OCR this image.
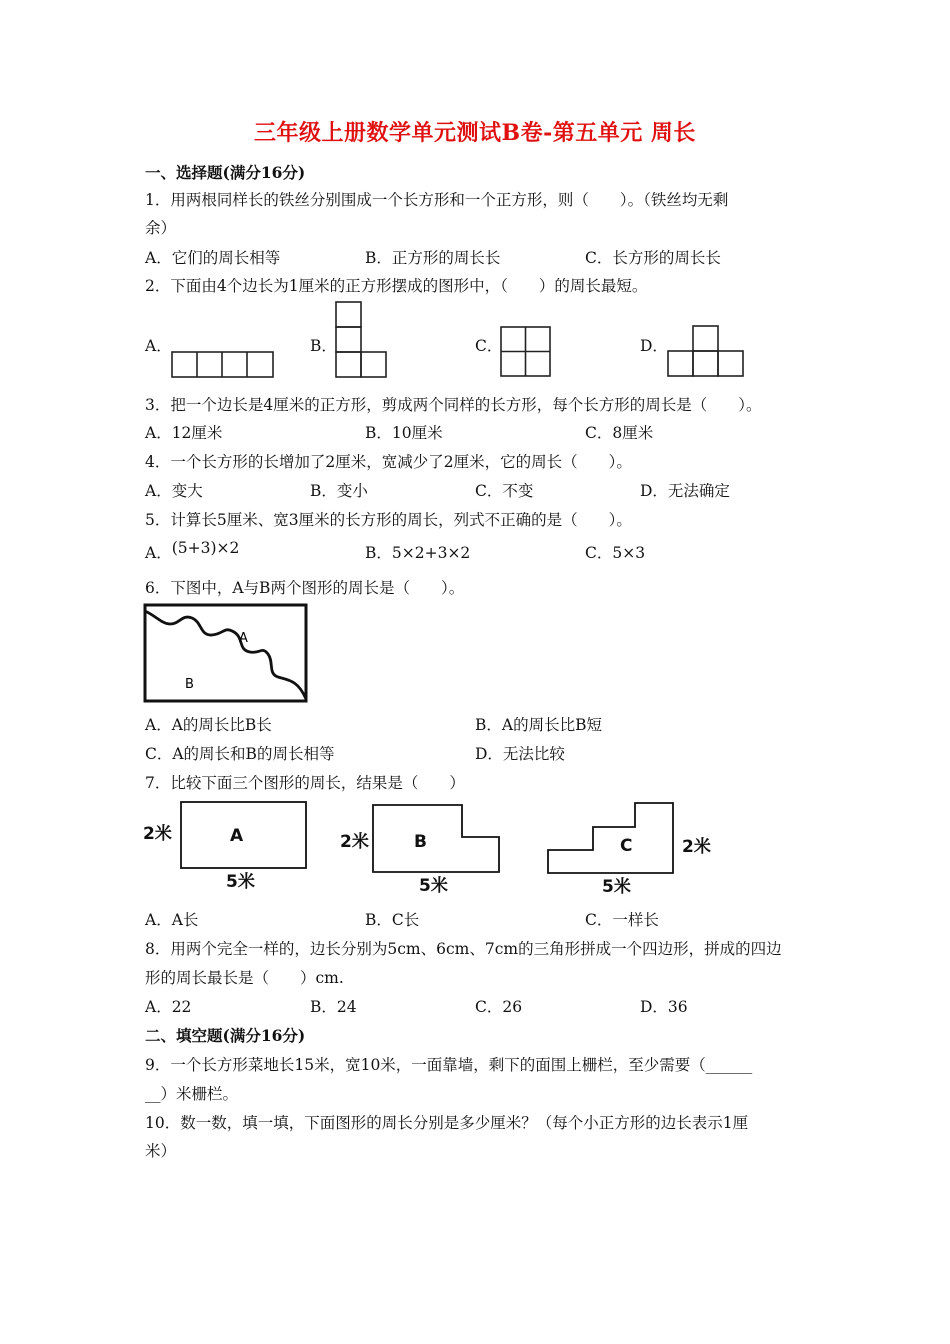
三年级上册数学单元测试B卷-第五单元 周长
一、选择题(满分16分)
1．用两根同样长的铁丝分别围成一个长方形和一个正方形，则（　　）。（铁丝均无剩
余）
A．它们的周长相等	B．正方形的周长长	C．长方形的周长长
2．下面由4个边长为1厘米的正方形摆成的图形中，（　　）的周长最短。
A．	B．	C．	D．
3．把一个边长是4厘米的正方形，剪成两个同样的长方形，每个长方形的周长是（　　）。
A．12厘米	B．10厘米	C．8厘米
4．一个长方形的长增加了2厘米，宽减少了2厘米，它的周长（　　）。
A．变大	B．变小	C．不变	D．无法确定
5．计算长5厘米、宽3厘米的长方形的周长，列式不正确的是（　　）。
A．(5+3)×2	B．5×2+3×2	C．5×3
6．下图中，A与B两个图形的周长是（　　）。
A
B
A．A的周长比B长	B．A的周长比B短
C．A的周长和B的周长相等	D．无法比较
7．比较下面三个图形的周长，结果是（　　）
A	B	C
2米	2米	2米
5米	5米	5米
A．A长	B．C长	C．一样长
8．用两个完全一样的，边长分别为5cm、6cm、7cm的三角形拼成一个四边形，拼成的四边
形的周长最长是（　　）cm.
A．22	B．24	C．26	D．36
二、填空题(满分16分)
9．一个长方形菜地长15米，宽10米，一面靠墙，剩下的面围上栅栏，至少需要（______
__）米栅栏。
10．数一数，填一填，下面图形的周长分别是多少厘米？（每个小正方形的边长表示1厘
米）
